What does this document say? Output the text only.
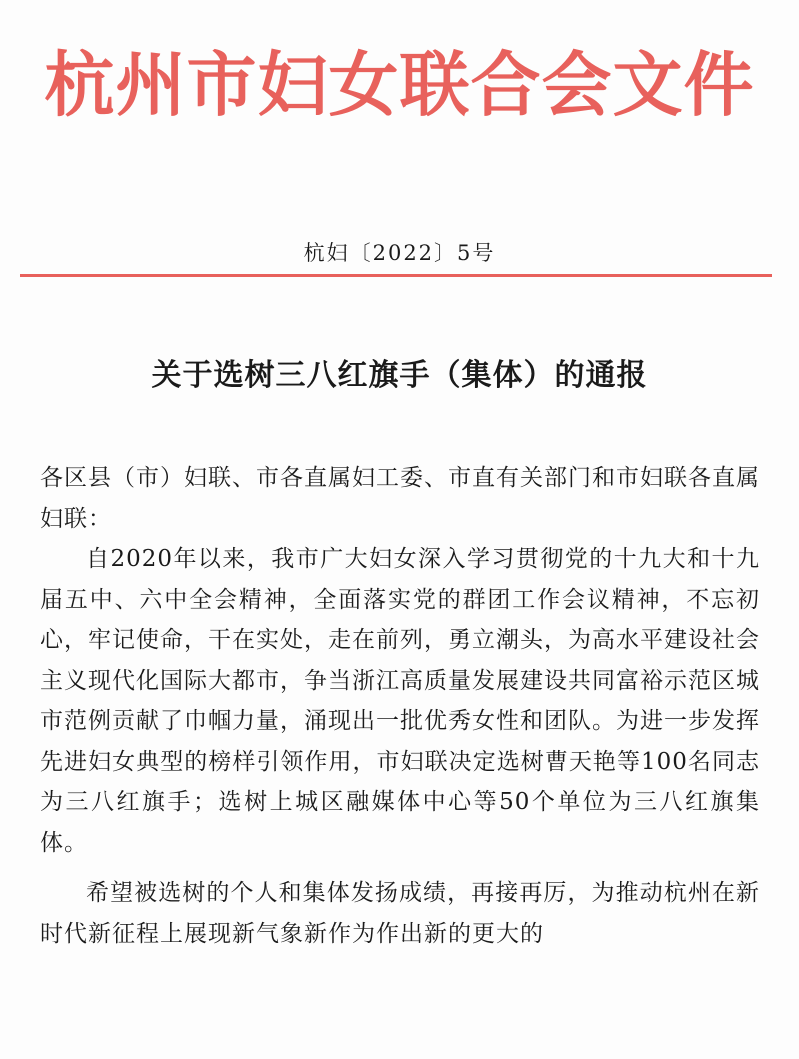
杭州市妇女联合会文件
杭妇〔2022〕5号
关于选树三八红旗手（集体）的通报

各区县（市）妇联、市各直属妇工委、市直有关部门和市妇联各直属妇联：

自2020年以来，我市广大妇女深入学习贯彻党的十九大和十九届五中、六中全会精神，全面落实党的群团工作会议精神，不忘初心，牢记使命，干在实处，走在前列，勇立潮头，为高水平建设社会主义现代化国际大都市，争当浙江高质量发展建设共同富裕示范区城市范例贡献了巾帼力量，涌现出一批优秀女性和团队。为进一步发挥先进妇女典型的榜样引领作用，市妇联决定选树曹天艳等100名同志为三八红旗手；选树上城区融媒体中心等50个单位为三八红旗集体。

希望被选树的个人和集体发扬成绩，再接再厉，为推动杭州在新时代新征程上展现新气象新作为作出新的更大的
